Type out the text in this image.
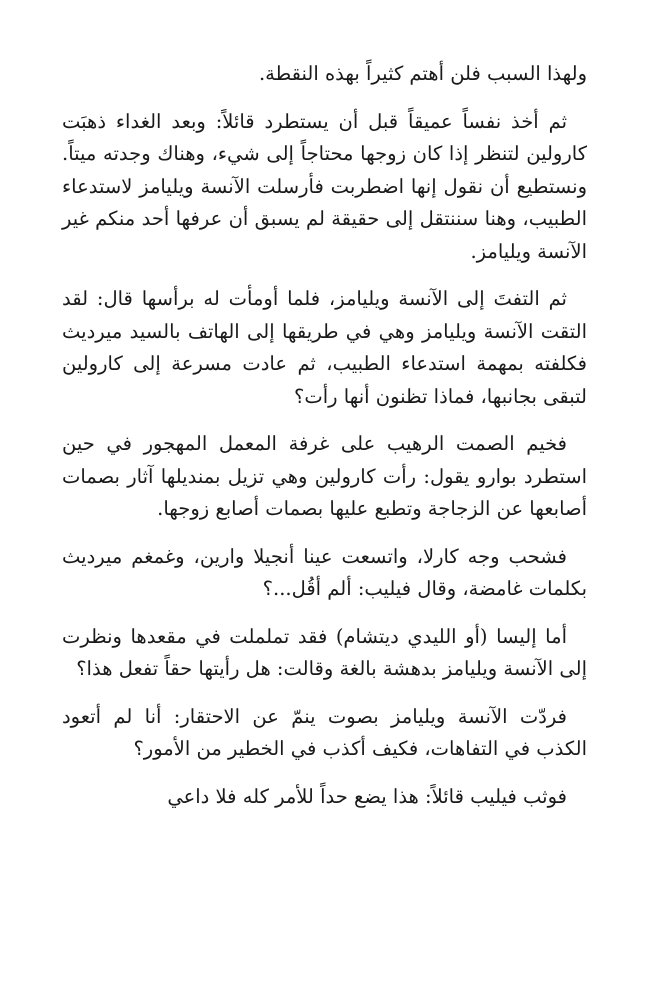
ولهذا السبب فلن أهتم كثيراً بهذه النقطة.

ثم أخذ نفساً عميقاً قبل أن يستطرد قائلاً: وبعد الغداء ذهبَت كارولين لتنظر إذا كان زوجها محتاجاً إلى شيء، وهناك وجدته ميتاً. ونستطيع أن نقول إنها اضطربت فأرسلت الآنسة ويليامز لاستدعاء الطبيب، وهنا سننتقل إلى حقيقة لم يسبق أن عرفها أحد منكم غير الآنسة ويليامز.

ثم التفتَ إلى الآنسة ويليامز، فلما أومأت له برأسها قال: لقد التقت الآنسة ويليامز وهي في طريقها إلى الهاتف بالسيد ميرديث فكلفته بمهمة استدعاء الطبيب، ثم عادت مسرعة إلى كارولين لتبقى بجانبها، فماذا تظنون أنها رأت؟

فخيم الصمت الرهيب على غرفة المعمل المهجور في حين استطرد بوارو يقول: رأت كارولين وهي تزيل بمنديلها آثار بصمات أصابعها عن الزجاجة وتطبع عليها بصمات أصابع زوجها.

فشحب وجه كارلا، واتسعت عينا أنجيلا وارين، وغمغم ميرديث بكلمات غامضة، وقال فيليب: ألم أقُل...؟

أما إليسا (أو الليدي ديتشام) فقد تململت في مقعدها ونظرت إلى الآنسة ويليامز بدهشة بالغة وقالت: هل رأيتها حقاً تفعل هذا؟

فردّت الآنسة ويليامز بصوت ينمّ عن الاحتقار: أنا لم أتعود الكذب في التفاهات، فكيف أكذب في الخطير من الأمور؟

فوثب فيليب قائلاً: هذا يضع حداً للأمر كله فلا داعي
